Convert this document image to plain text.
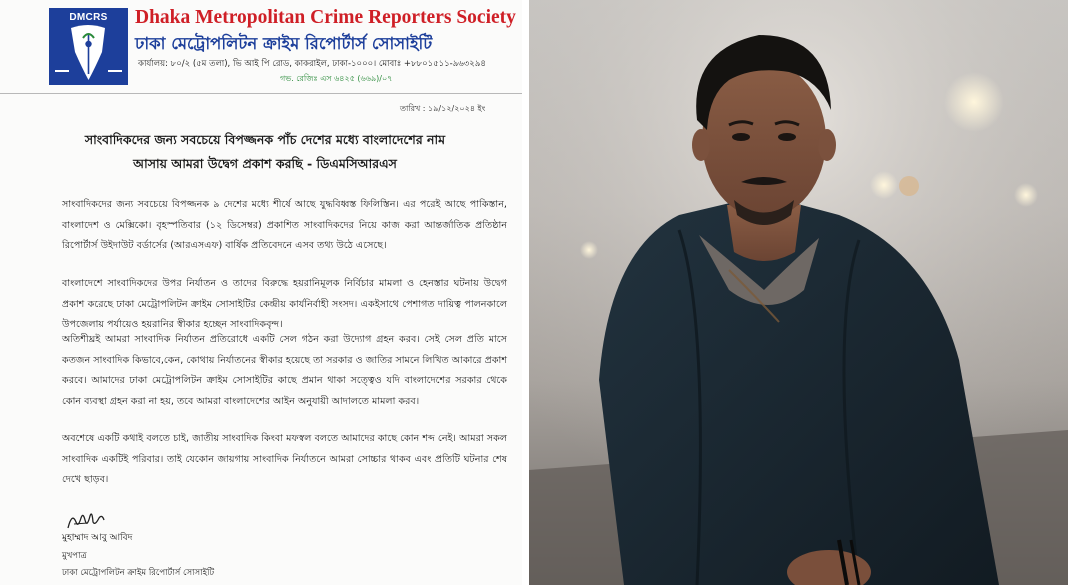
DMCRS	Dhaka Metropolitan Crime Reporters Society
ঢাকা মেট্রোপলিটন ক্রাইম রিপোর্টার্স সোসাইটি
কার্যালয়: ৮০/২ (৫ম তলা), ভি আই পি রোড, কাকরাইল, ঢাকা-১০০০। মোবাঃ +৮৮০১৫১১-৯৬৩২৯৪
গভ. রেজিঃ এস ৬৪২৫ (৬৬৯)/০৭
তারিখ : ১৯/১২/২০২৪ ইং
সাংবাদিকদের জন্য সবচেয়ে বিপজ্জনক পাঁচ দেশের মধ্যে বাংলাদেশের নাম
আসায় আমরা উদ্বেগ প্রকাশ করছি - ডিএমসিআরএস
সাংবাদিকদের জন্য সবচেয়ে বিপজ্জনক ৯ দেশের মধ্যে শীর্ষে আছে যুদ্ধবিধ্বস্ত ফিলিস্তিন। এর পরেই আছে পাকিস্তান, বাংলাদেশ ও মেক্সিকো। বৃহস্পতিবার (১২ ডিসেম্বর) প্রকাশিত সাংবাদিকদের নিয়ে কাজ করা আন্তর্জাতিক প্রতিষ্ঠান রিপোর্টার্স উইদাউট বর্ডার্সের (আরএসএফ) বার্ষিক প্রতিবেদনে এসব তথ্য উঠে এসেছে।
বাংলাদেশে সাংবাদিকদের উপর নির্যাতন ও তাদের বিরুদ্ধে হয়রানিমূলক নির্বিচার মামলা ও হেনস্তার ঘটনায় উদ্বেগ প্রকাশ করেছে ঢাকা মেট্রোপলিটন ক্রাইম সোসাইটির কেন্দ্রীয় কার্যনির্বাহী সংসদ। একইসাথে পেশাগত দায়িত্ব পালনকালে উপজেলায় পর্যায়েও হয়রানির স্বীকার হচ্ছেন সাংবাদিকবৃন্দ।
অতিশীঘ্রই আমরা সাংবাদিক নির্যাতন প্রতিরোধে একটি সেল গঠন করা উদ্যোগ গ্রহন করব। সেই সেল প্রতি মাসে কতজন সাংবাদিক কিভাবে,কেন, কোথায় নির্যাতনের স্বীকার হয়েছে তা সরকার ও জাতির সামনে লিখিত আকারে প্রকাশ করবে। আমাদের ঢাকা মেট্রোপলিটন ক্রাইম সোসাইটির কাছে প্রমান থাকা সত্ত্বেও যদি বাংলাদেশের সরকার থেকে কোন ব্যবস্থা গ্রহন করা না হয়, তবে আমরা বাংলাদেশের আইন অনুযায়ী আদালতে মামলা করব।
অবশেষে একটি কথাই বলতে চাই, জাতীয় সাংবাদিক কিংবা মফস্বল বলতে আমাদের কাছে কোন শব্দ নেই। আমরা সকল সাংবাদিক একটিই পরিবার। তাই যেকোন জায়গায় সাংবাদিক নির্যাতনে আমরা সোচ্চার থাকব এবং প্রতিটি ঘটনার শেষ দেখে ছাড়ব।
মুহাম্মাদ আবু আবিদ
মুখপাত্র
ঢাকা মেট্রোপলিটন ক্রাইম রিপোর্টার্স সোসাইটি
